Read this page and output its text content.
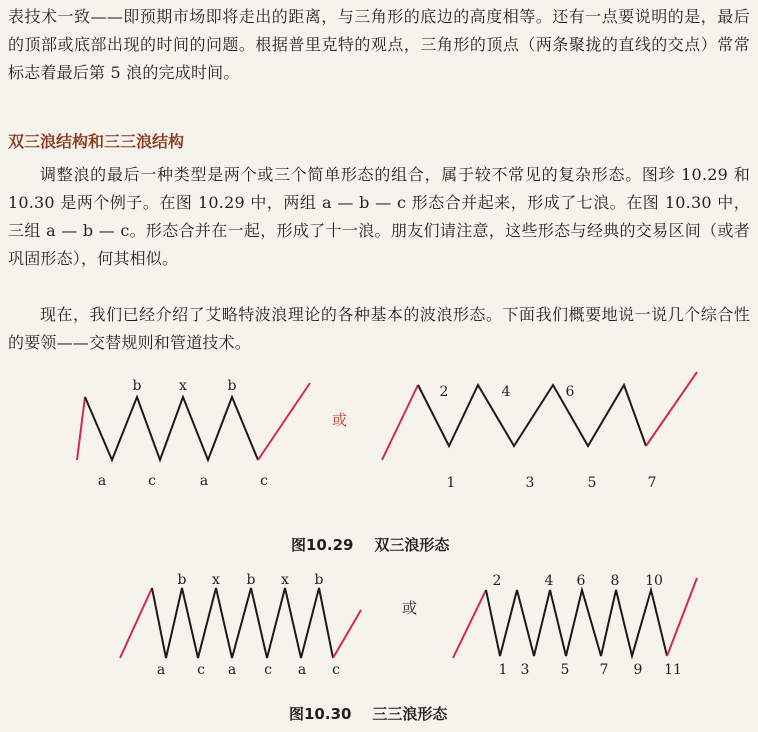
表技术一致——即预期市场即将走出的距离，与三角形的底边的高度相等。还有一点要说明的是，最后的顶部或底部出现的时间的问题。根据普里克特的观点，三角形的顶点（两条聚拢的直线的交点）常常标志着最后第 5 浪的完成时间。
双三浪结构和三三浪结构
调整浪的最后一种类型是两个或三个简单形态的组合，属于较不常见的复杂形态。图珍 10.29 和 10.30 是两个例子。在图 10.29 中，两组 a — b — c 形态合并起来，形成了七浪。在图 10.30 中，三组 a — b — c。形态合并在一起，形成了十一浪。朋友们请注意，这些形态与经典的交易区间（或者巩固形态），何其相似。
现在，我们已经介绍了艾略特波浪理论的各种基本的波浪形态。下面我们概要地说一说几个综合性的要领——交替规则和管道技术。
b	x	b
a	c	a	c
2	4	6
1	3	5	7
b x b x b
a c a c a c
2	4 6 8 10
1 3 5 7 9 11
或
或
图10.29    双三浪形态
图10.30    三三浪形态
